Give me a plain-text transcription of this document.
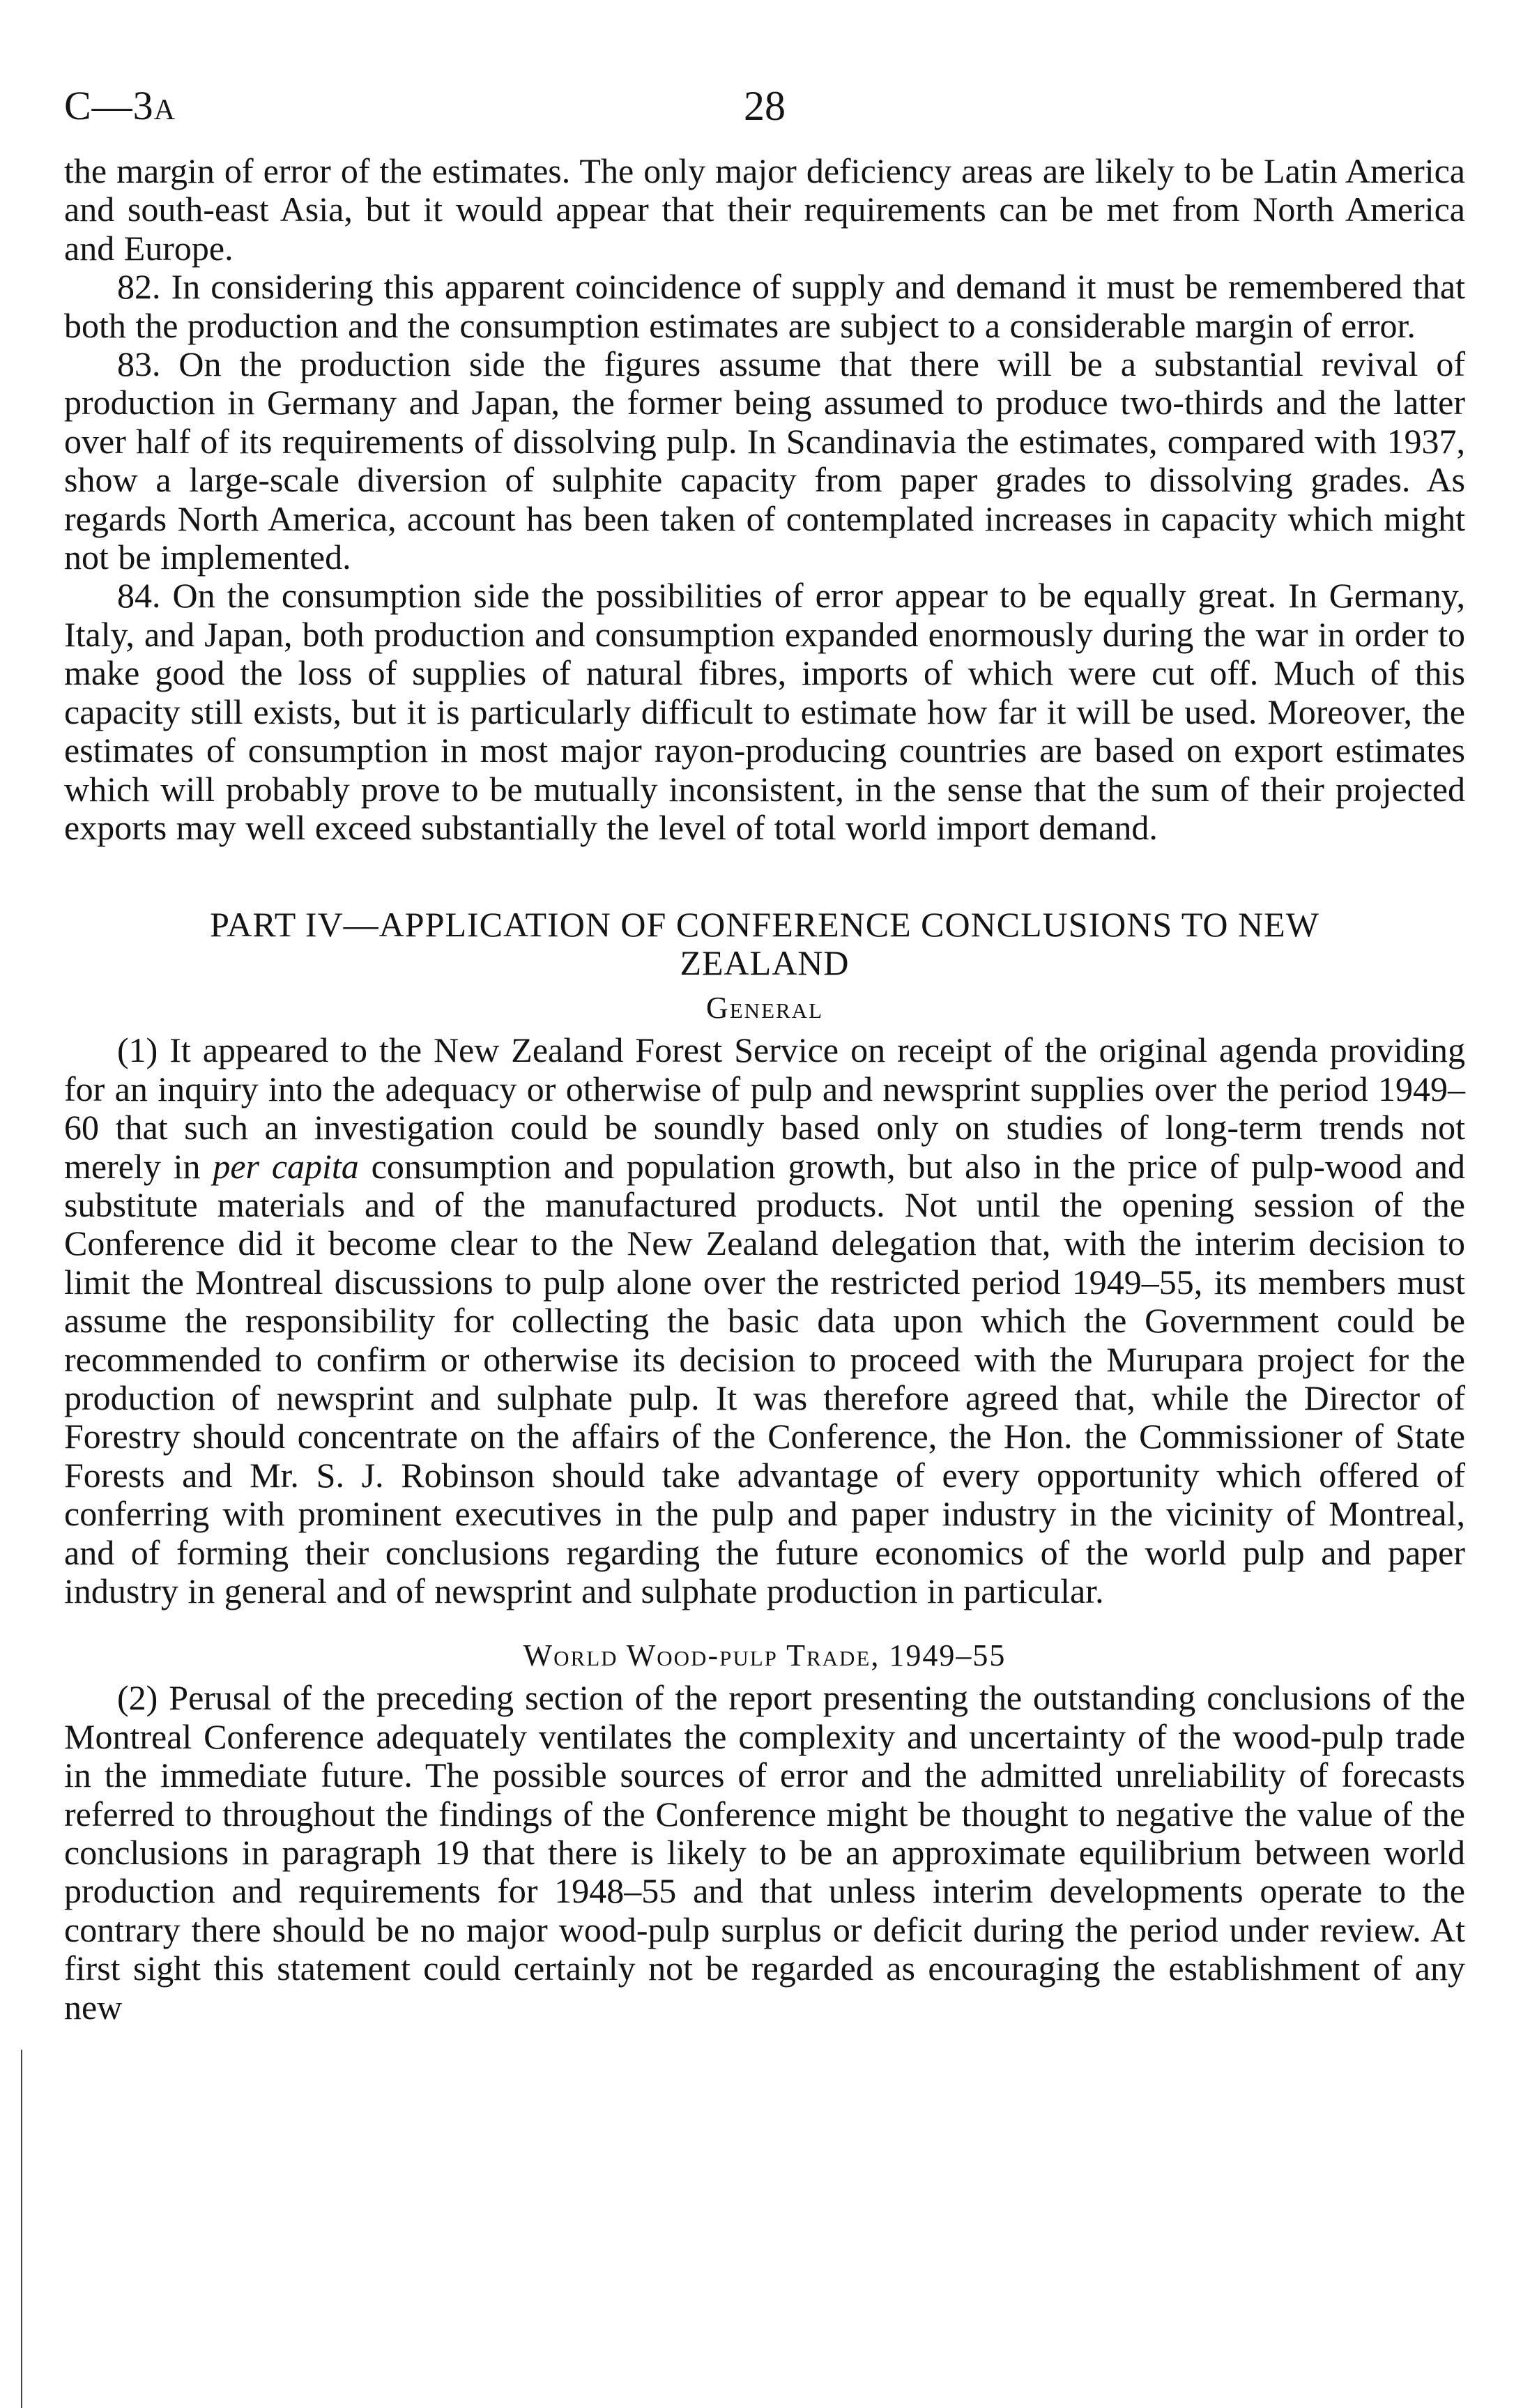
C—3A	28

the margin of error of the estimates. The only major deficiency areas are likely to be Latin America and south-east Asia, but it would appear that their requirements can be met from North America and Europe.

82. In considering this apparent coincidence of supply and demand it must be remembered that both the production and the consumption estimates are subject to a considerable margin of error.

83. On the production side the figures assume that there will be a substantial revival of production in Germany and Japan, the former being assumed to produce two-thirds and the latter over half of its requirements of dissolving pulp. In Scandinavia the estimates, compared with 1937, show a large-scale diversion of sulphite capacity from paper grades to dissolving grades. As regards North America, account has been taken of contemplated increases in capacity which might not be implemented.

84. On the consumption side the possibilities of error appear to be equally great. In Germany, Italy, and Japan, both production and consumption expanded enormously during the war in order to make good the loss of supplies of natural fibres, imports of which were cut off. Much of this capacity still exists, but it is particularly difficult to estimate how far it will be used. Moreover, the estimates of consumption in most major rayon-producing countries are based on export estimates which will probably prove to be mutually inconsistent, in the sense that the sum of their projected exports may well exceed substantially the level of total world import demand.

PART IV—APPLICATION OF CONFERENCE CONCLUSIONS TO NEW ZEALAND
General

(1) It appeared to the New Zealand Forest Service on receipt of the original agenda providing for an inquiry into the adequacy or otherwise of pulp and newsprint supplies over the period 1949–60 that such an investigation could be soundly based only on studies of long-term trends not merely in per capita consumption and population growth, but also in the price of pulp-wood and substitute materials and of the manufactured products. Not until the opening session of the Conference did it become clear to the New Zealand delegation that, with the interim decision to limit the Montreal discussions to pulp alone over the restricted period 1949–55, its members must assume the responsibility for collecting the basic data upon which the Government could be recommended to confirm or otherwise its decision to proceed with the Murupara project for the production of newsprint and sulphate pulp. It was therefore agreed that, while the Director of Forestry should concentrate on the affairs of the Conference, the Hon. the Commissioner of State Forests and Mr. S. J. Robinson should take advantage of every opportunity which offered of conferring with prominent executives in the pulp and paper industry in the vicinity of Montreal, and of forming their conclusions regarding the future economics of the world pulp and paper industry in general and of newsprint and sulphate production in particular.

World Wood-pulp Trade, 1949–55

(2) Perusal of the preceding section of the report presenting the outstanding conclusions of the Montreal Conference adequately ventilates the complexity and uncertainty of the wood-pulp trade in the immediate future. The possible sources of error and the admitted unreliability of forecasts referred to throughout the findings of the Conference might be thought to negative the value of the conclusions in paragraph 19 that there is likely to be an approximate equilibrium between world production and requirements for 1948–55 and that unless interim developments operate to the contrary there should be no major wood-pulp surplus or deficit during the period under review. At first sight this statement could certainly not be regarded as encouraging the establishment of any new
